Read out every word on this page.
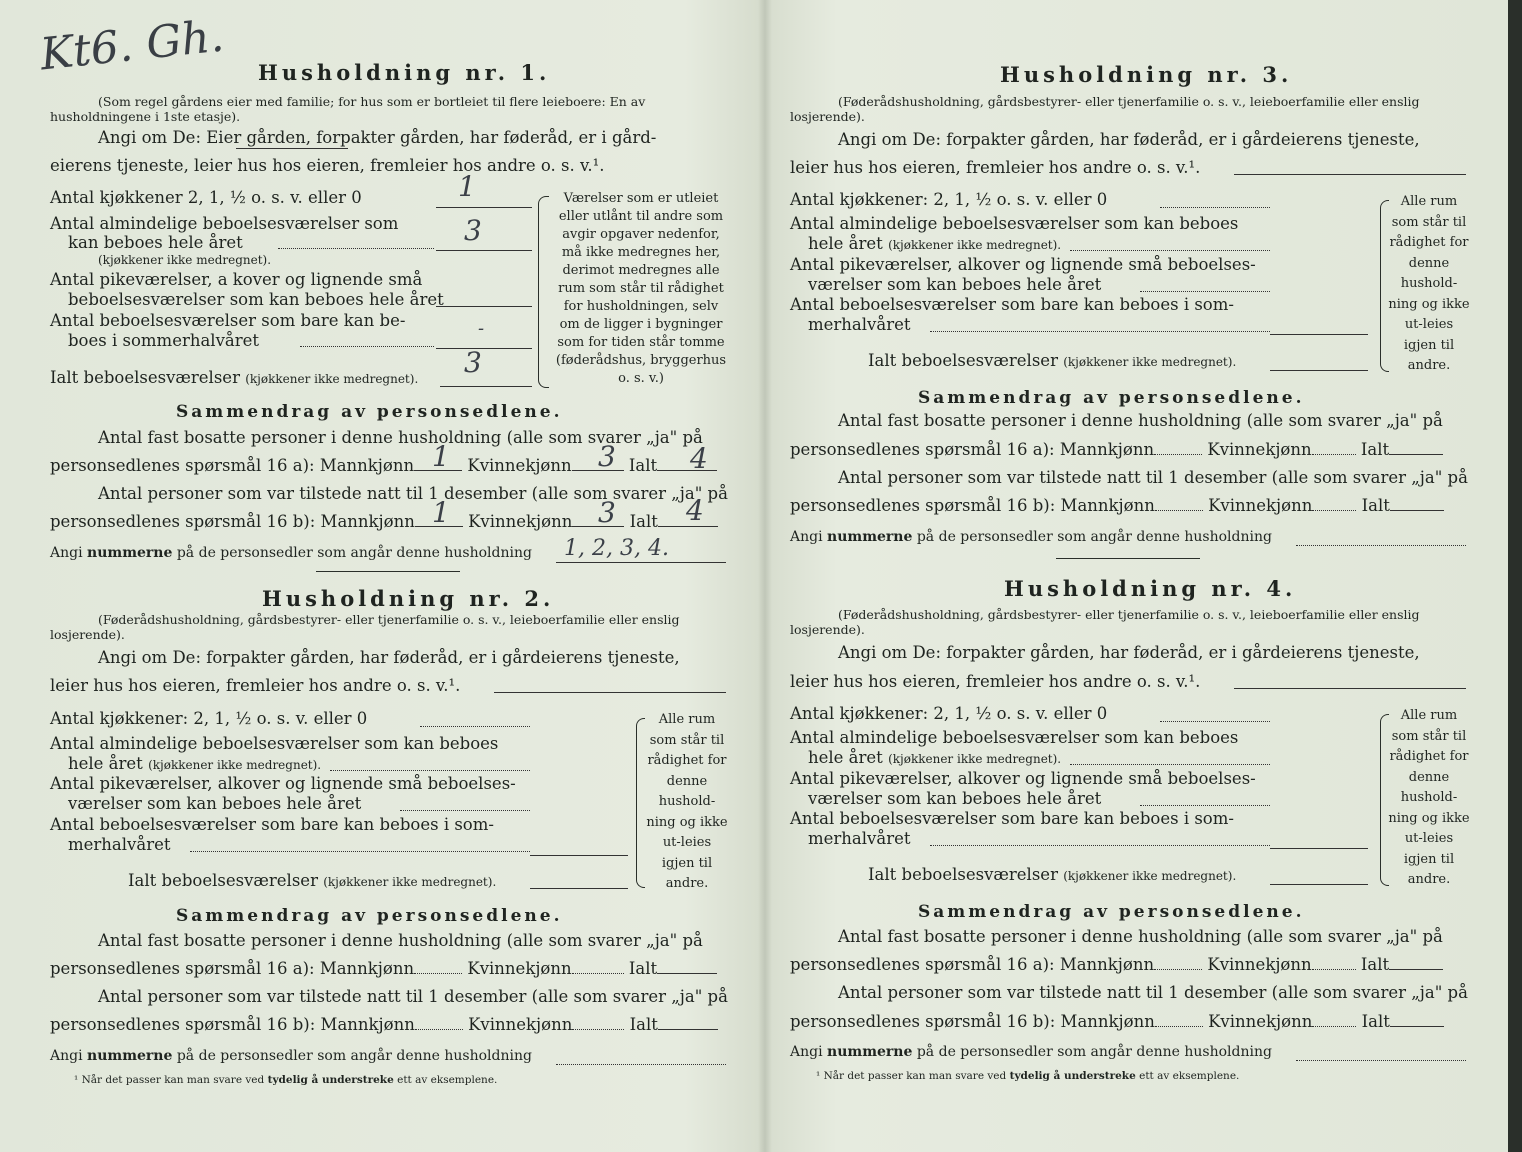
Kt6. Gh. Husholdning nr. 1.
(Som regel gårdens eier med familie; for hus som er bortleiet til flere leieboere: En av husholdningene i 1ste etasje).
Angi om De: Eier gården, forpakter gården, har føderåd, er i gård-
eierens tjeneste, leier hus hos eieren, fremleier hos andre o. s. v.¹.
Antal kjøkkener 2, 1, ½ o. s. v. eller 0	1
Antal almindelige beboelsesværelser som
kan beboes hele året	3
(kjøkkener ikke medregnet).
Antal pikeværelser, a kover og lignende små
beboelsesværelser som kan beboes hele året
Antal beboelsesværelser som bare kan be-
boes i sommerhalvåret
-
Ialt beboelsesværelser (kjøkkener ikke medregnet). 3
Værelser som er utleiet eller utlånt til andre som avgir opgaver nedenfor, må ikke medregnes her, derimot medregnes alle rum som står til rådighet for husholdningen, selv om de ligger i bygninger som for tiden står tomme (føderådshus, bryggerhus o. s. v.)
Sammendrag av personsedlene.
Antal fast bosatte personer i denne husholdning (alle som svarer „ja" på
personsedlenes spørsmål 16 a): Mannkjønn	Kvinnekjønn	Ialt
1	3	4
Antal personer som var tilstede natt til 1 desember (alle som svarer „ja" på
personsedlenes spørsmål 16 b): Mannkjønn	Kvinnekjønn	Ialt
1	3	4
Angi nummerne på de personsedler som angår denne husholdning 1, 2, 3, 4.
Husholdning nr. 2.
(Føderådshusholdning, gårdsbestyrer- eller tjenerfamilie o. s. v., leieboerfamilie eller enslig losjerende).
Angi om De: forpakter gården, har føderåd, er i gårdeierens tjeneste,
leier hus hos eieren, fremleier hos andre o. s. v.¹.
Antal kjøkkener: 2, 1, ½ o. s. v. eller 0
Antal almindelige beboelsesværelser som kan beboes
hele året (kjøkkener ikke medregnet).
Antal pikeværelser, alkover og lignende små beboelses-
værelser som kan beboes hele året
Antal beboelsesværelser som bare kan beboes i som-
merhalvåret
Ialt beboelsesværelser (kjøkkener ikke medregnet).
Alle rum som står til rådighet for denne hushold-ning og ikke ut-leies igjen til andre.
Sammendrag av personsedlene.
Antal fast bosatte personer i denne husholdning (alle som svarer „ja" på
personsedlenes spørsmål 16 a): Mannkjønn	Kvinnekjønn	Ialt
Antal personer som var tilstede natt til 1 desember (alle som svarer „ja" på
personsedlenes spørsmål 16 b): Mannkjønn	Kvinnekjønn	Ialt
Angi nummerne på de personsedler som angår denne husholdning
¹ Når det passer kan man svare ved tydelig å understreke ett av eksemplene.
Husholdning nr. 3.
(Føderådshusholdning, gårdsbestyrer- eller tjenerfamilie o. s. v., leieboerfamilie eller enslig losjerende).
Angi om De: forpakter gården, har føderåd, er i gårdeierens tjeneste,
leier hus hos eieren, fremleier hos andre o. s. v.¹.
Antal kjøkkener: 2, 1, ½ o. s. v. eller 0
Antal almindelige beboelsesværelser som kan beboes
hele året (kjøkkener ikke medregnet).
Antal pikeværelser, alkover og lignende små beboelses-
værelser som kan beboes hele året
Antal beboelsesværelser som bare kan beboes i som-
merhalvåret
Ialt beboelsesværelser (kjøkkener ikke medregnet).
Alle rum som står til rådighet for denne hushold-ning og ikke ut-leies igjen til andre.
Sammendrag av personsedlene.
Antal fast bosatte personer i denne husholdning (alle som svarer „ja" på
personsedlenes spørsmål 16 a): Mannkjønn	Kvinnekjønn	Ialt
Antal personer som var tilstede natt til 1 desember (alle som svarer „ja" på
personsedlenes spørsmål 16 b): Mannkjønn	Kvinnekjønn	Ialt
Angi nummerne på de personsedler som angår denne husholdning
Husholdning nr. 4.
(Føderådshusholdning, gårdsbestyrer- eller tjenerfamilie o. s. v., leieboerfamilie eller enslig losjerende).
Angi om De: forpakter gården, har føderåd, er i gårdeierens tjeneste,
leier hus hos eieren, fremleier hos andre o. s. v.¹.
Antal kjøkkener: 2, 1, ½ o. s. v. eller 0
Antal almindelige beboelsesværelser som kan beboes
hele året (kjøkkener ikke medregnet).
Antal pikeværelser, alkover og lignende små beboelses-
værelser som kan beboes hele året
Antal beboelsesværelser som bare kan beboes i som-
merhalvåret
Ialt beboelsesværelser (kjøkkener ikke medregnet).
Alle rum som står til rådighet for denne hushold-ning og ikke ut-leies igjen til andre.
Sammendrag av personsedlene.
Antal fast bosatte personer i denne husholdning (alle som svarer „ja" på
personsedlenes spørsmål 16 a): Mannkjønn	Kvinnekjønn	Ialt
Antal personer som var tilstede natt til 1 desember (alle som svarer „ja" på
personsedlenes spørsmål 16 b): Mannkjønn	Kvinnekjønn	Ialt
Angi nummerne på de personsedler som angår denne husholdning
¹ Når det passer kan man svare ved tydelig å understreke ett av eksemplene.
